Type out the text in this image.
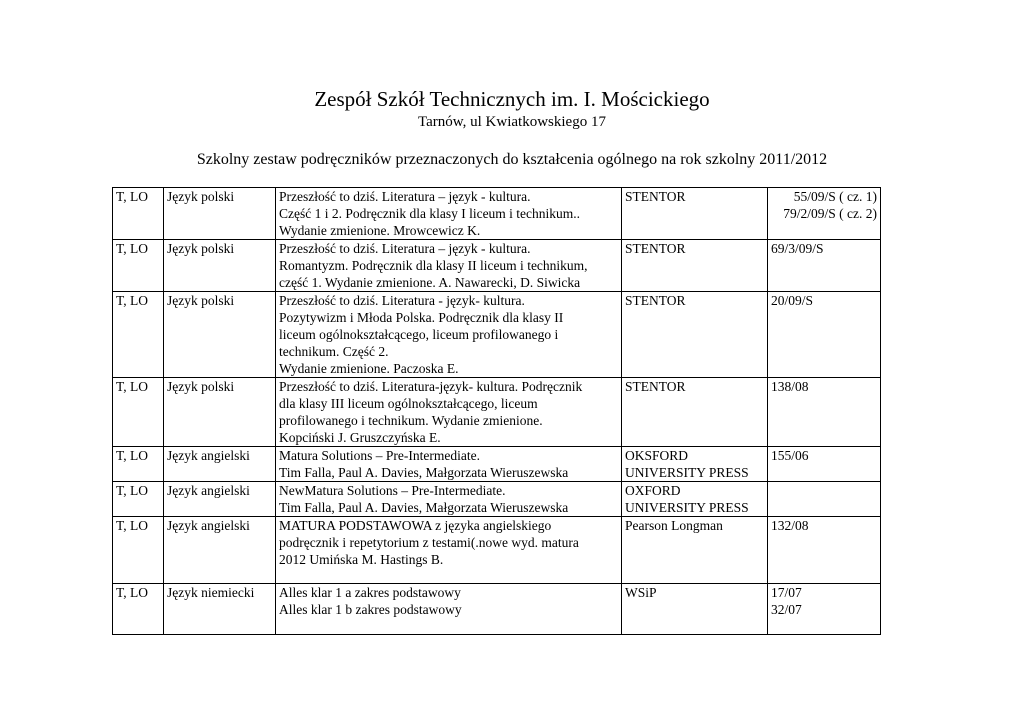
Zespół Szkół Technicznych im. I. Mościckiego
Tarnów, ul Kwiatkowskiego 17
Szkolny zestaw podręczników przeznaczonych do kształcenia ogólnego na rok szkolny 2011/2012
T, LO	Język polski	Przeszłość to dziś. Literatura – język - kultura.
Część 1 i 2. Podręcznik dla klasy I liceum i technikum..
Wydanie zmienione. Mrowcewicz K.	STENTOR	55/09/S ( cz. 1)
79/2/09/S ( cz. 2)
T, LO	Język polski	Przeszłość to dziś. Literatura – język - kultura.
Romantyzm. Podręcznik dla klasy II liceum i technikum,
część 1. Wydanie zmienione. A. Nawarecki, D. Siwicka	STENTOR	69/3/09/S
T, LO	Język polski	Przeszłość to dziś. Literatura - język- kultura.
Pozytywizm i Młoda Polska. Podręcznik dla klasy II
liceum ogólnokształcącego, liceum profilowanego i
technikum. Część 2.
Wydanie zmienione. Paczoska E.	STENTOR	20/09/S
T, LO	Język polski	Przeszłość to dziś. Literatura-język- kultura. Podręcznik
dla klasy III liceum ogólnokształcącego, liceum
profilowanego i technikum. Wydanie zmienione.
Kopciński J. Gruszczyńska E.	STENTOR	138/08
T, LO	Język angielski	Matura Solutions – Pre-Intermediate.
Tim Falla, Paul A. Davies, Małgorzata Wieruszewska	OKSFORD
UNIVERSITY PRESS	155/06
T, LO	Język angielski	NewMatura Solutions – Pre-Intermediate.
Tim Falla, Paul A. Davies, Małgorzata Wieruszewska	OXFORD
UNIVERSITY PRESS	
T, LO	Język angielski	MATURA PODSTAWOWA z języka angielskiego
podręcznik i repetytorium z testami(.nowe wyd. matura
2012 Umińska M. Hastings B.	Pearson Longman	132/08
T, LO	Język niemiecki	Alles klar 1 a zakres podstawowy
Alles klar 1 b zakres podstawowy	WSiP	17/07
32/07
